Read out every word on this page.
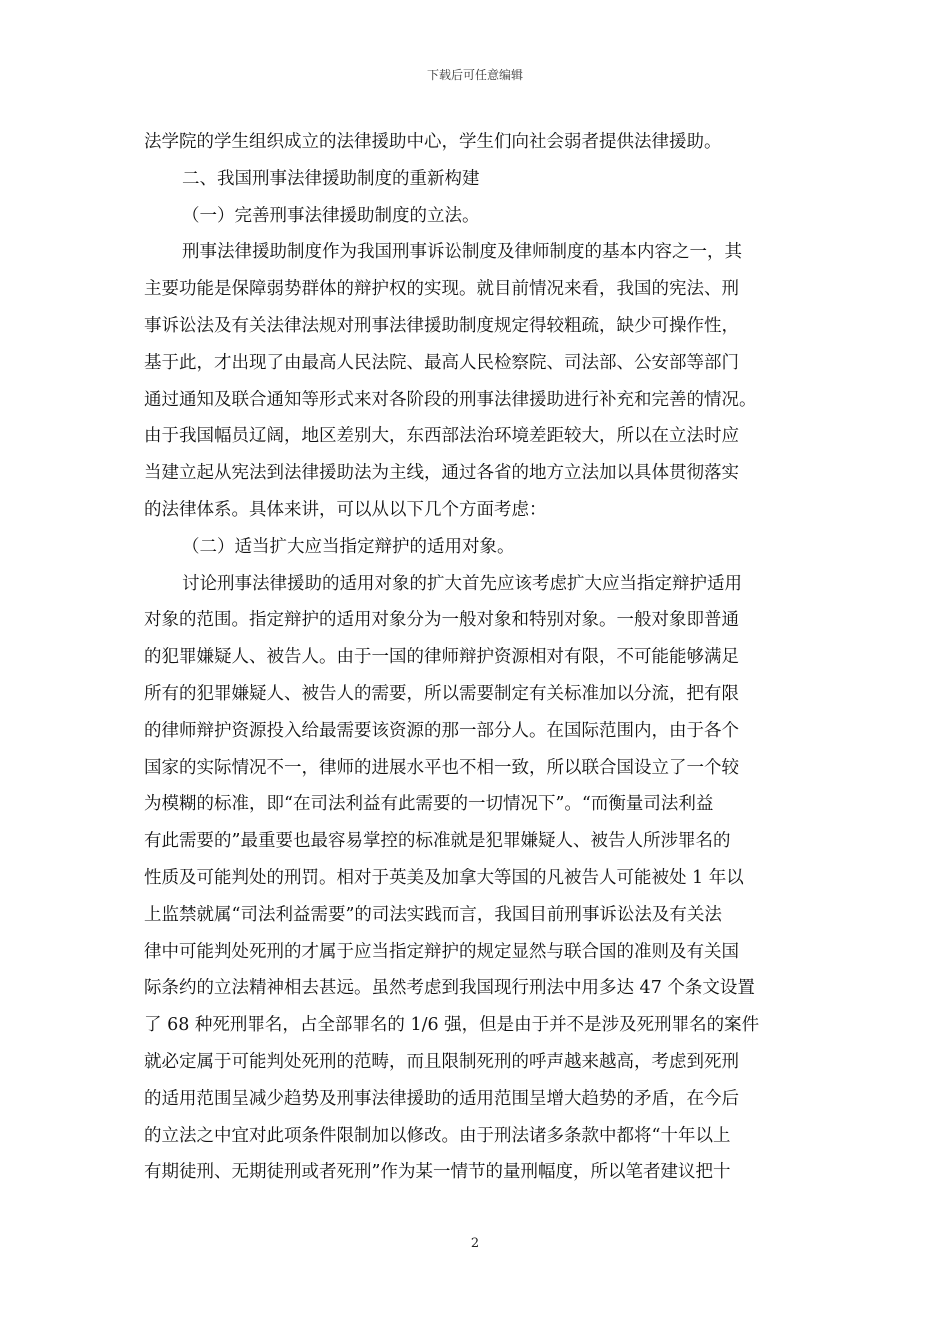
下载后可任意编辑
法学院的学生组织成立的法律援助中心，学生们向社会弱者提供法律援助。
二、我国刑事法律援助制度的重新构建
（一）完善刑事法律援助制度的立法。
刑事法律援助制度作为我国刑事诉讼制度及律师制度的基本内容之一，其
主要功能是保障弱势群体的辩护权的实现。就目前情况来看，我国的宪法、刑
事诉讼法及有关法律法规对刑事法律援助制度规定得较粗疏，缺少可操作性，
基于此，才出现了由最高人民法院、最高人民检察院、司法部、公安部等部门
通过通知及联合通知等形式来对各阶段的刑事法律援助进行补充和完善的情况。
由于我国幅员辽阔，地区差别大，东西部法治环境差距较大，所以在立法时应
当建立起从宪法到法律援助法为主线，通过各省的地方立法加以具体贯彻落实
的法律体系。具体来讲，可以从以下几个方面考虑：
（二）适当扩大应当指定辩护的适用对象。
讨论刑事法律援助的适用对象的扩大首先应该考虑扩大应当指定辩护适用
对象的范围。指定辩护的适用对象分为一般对象和特别对象。一般对象即普通
的犯罪嫌疑人、被告人。由于一国的律师辩护资源相对有限，不可能能够满足
所有的犯罪嫌疑人、被告人的需要，所以需要制定有关标准加以分流，把有限
的律师辩护资源投入给最需要该资源的那一部分人。在国际范围内，由于各个
国家的实际情况不一，律师的进展水平也不相一致，所以联合国设立了一个较
为模糊的标准，即“在司法利益有此需要的一切情况下”。“而衡量司法利益
有此需要的”最重要也最容易掌控的标准就是犯罪嫌疑人、被告人所涉罪名的
性质及可能判处的刑罚。相对于英美及加拿大等国的凡被告人可能被处 1 年以
上监禁就属“司法利益需要”的司法实践而言，我国目前刑事诉讼法及有关法
律中可能判处死刑的才属于应当指定辩护的规定显然与联合国的准则及有关国
际条约的立法精神相去甚远。虽然考虑到我国现行刑法中用多达 47 个条文设置
了 68 种死刑罪名，占全部罪名的 1/6 强，但是由于并不是涉及死刑罪名的案件
就必定属于可能判处死刑的范畴，而且限制死刑的呼声越来越高，考虑到死刑
的适用范围呈减少趋势及刑事法律援助的适用范围呈增大趋势的矛盾，在今后
的立法之中宜对此项条件限制加以修改。由于刑法诸多条款中都将“十年以上
有期徒刑、无期徒刑或者死刑”作为某一情节的量刑幅度，所以笔者建议把十
2
